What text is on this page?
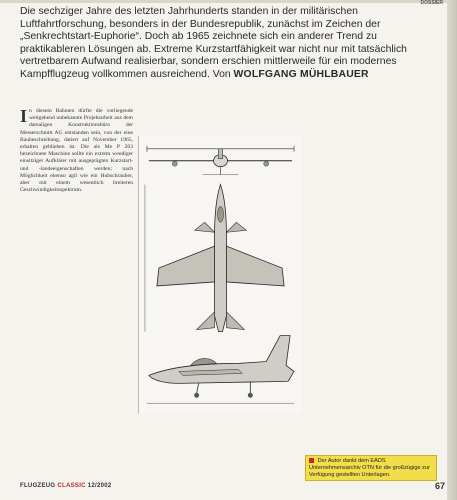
DOSSIER

Die sechziger Jahre des letzten Jahrhunderts standen in der militärischen Luftfahrtforschung, besonders in der Bundesrepublik, zunächst im Zeichen der „Senkrechtstart-Euphorie“. Doch ab 1965 zeichnete sich ein anderer Trend zu praktikableren Lösungen ab. Extreme Kurzstartfähigkeit war nicht nur mit tatsächlich vertretbarem Aufwand realisierbar, sondern erschien mittlerweile für ein modernes Kampfflugzeug vollkommen ausreichend. Von WOLFGANG MÜHLBAUER

I n diesem Rahmen dürfte die vorliegende weitgehend unbekannte Projektarbeit aus dem damaligen Konstruktionsbüro der Messerschmitt AG entstanden sein, von der eine Baubeschreibung, datiert auf November 1965, erhalten geblieben ist. Die als Me P 263 bezeichnete Maschine sollte ein extrem wendiger einsitziger Aufklärer mit ausgeprägten Kurzstart- und -landeeigenschaften werden; nach Möglichkeit ebenso agil wie ein Hubschrauber, aber mit einem wesentlich breiteren Geschwindigkeitsspektrum.
Der Autor dankt dem EADS Unternehmensarchiv OTN für die großzügige zur Verfügung gestellten Unterlagen.
FLUGZEUG CLASSIC 12/2002	67
